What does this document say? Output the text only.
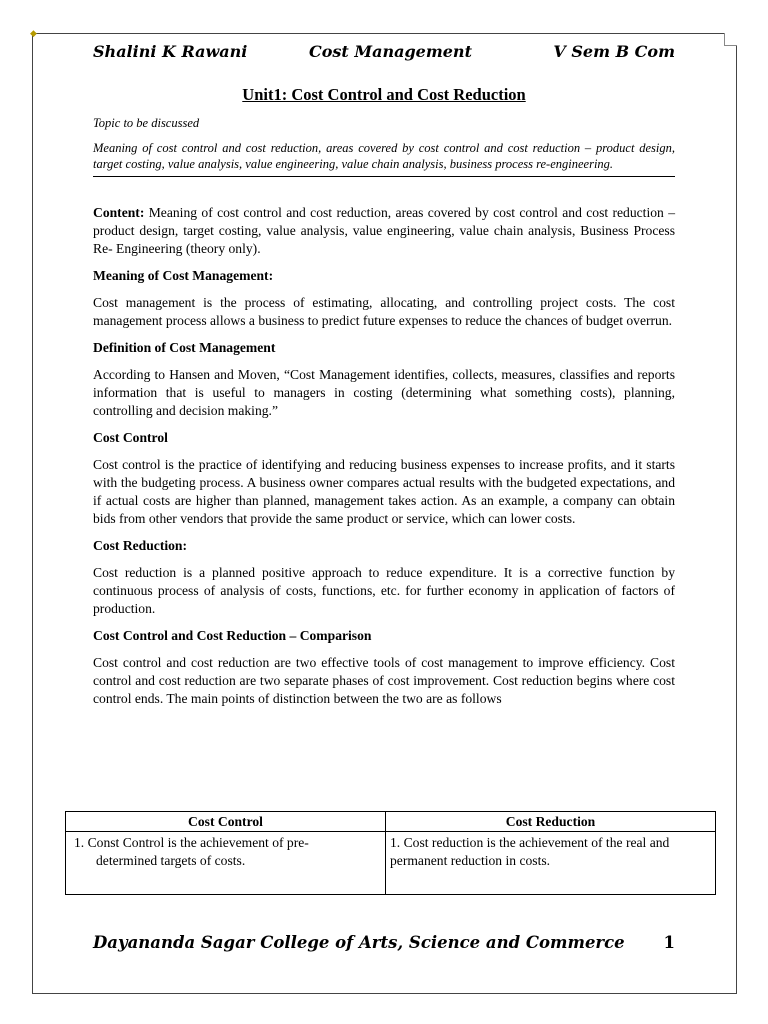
◆
Shalini K Rawani	Cost Management	V Sem B Com
Unit1: Cost Control and Cost Reduction

Topic to be discussed

Meaning of cost control and cost reduction, areas covered by cost control and cost reduction – product design, target costing, value analysis, value engineering, value chain analysis, business process re-engineering.

Content: Meaning of cost control and cost reduction, areas covered by cost control and cost reduction – product design, target costing, value analysis, value engineering, value chain analysis, Business Process Re- Engineering (theory only).

Meaning of Cost Management:

Cost management is the process of estimating, allocating, and controlling project costs. The cost management process allows a business to predict future expenses to reduce the chances of budget overrun.

Definition of Cost Management

According to Hansen and Moven, “Cost Management identifies, collects, measures, classifies and reports information that is useful to managers in costing (determining what something costs), planning, controlling and decision making.”

Cost Control

Cost control is the practice of identifying and reducing business expenses to increase profits, and it starts with the budgeting process. A business owner compares actual results with the budgeted expectations, and if actual costs are higher than planned, management takes action. As an example, a company can obtain bids from other vendors that provide the same product or service, which can lower costs.

Cost Reduction:

Cost reduction is a planned positive approach to reduce expenditure. It is a corrective function by continuous process of analysis of costs, functions, etc. for further economy in application of factors of production.

Cost Control and Cost Reduction – Comparison

Cost control and cost reduction are two effective tools of cost management to improve efficiency. Cost control and cost reduction are two separate phases of cost improvement. Cost reduction begins where cost control ends. The main points of distinction between the two are as follows

Cost Control	Cost Reduction
1. Const Control is the achievement of pre-
determined targets of costs.	1. Cost reduction is the achievement of the real and permanent reduction in costs.
Dayananda Sagar College of Arts, Science and Commerce 1
